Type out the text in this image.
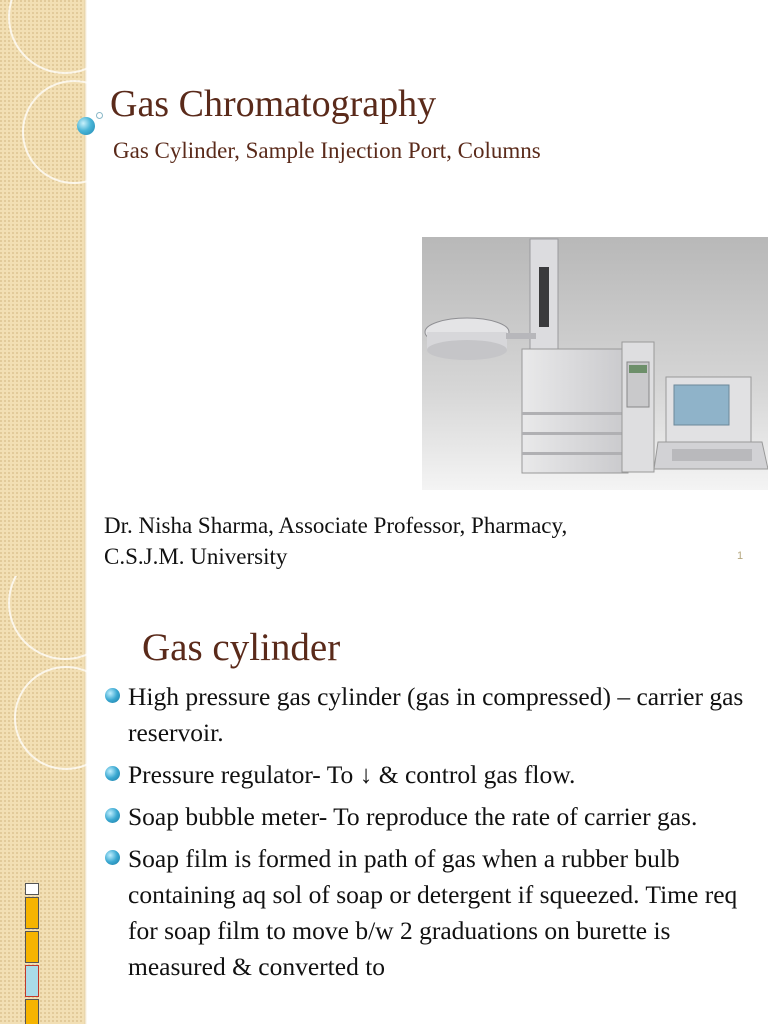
Gas Chromatography
Gas Cylinder, Sample Injection Port, Columns
Dr. Nisha Sharma, Associate Professor, Pharmacy,
C.S.J.M. University	1
Gas cylinder
High pressure gas cylinder (gas in compressed) – carrier gas reservoir.
Pressure regulator- To ↓ & control gas flow.
Soap bubble meter- To reproduce the rate of carrier gas.
Soap film is formed in path of gas when a rubber bulb containing aq sol of soap or detergent if squeezed. Time req for soap film to move b/w 2 graduations on burette is measured & converted to
